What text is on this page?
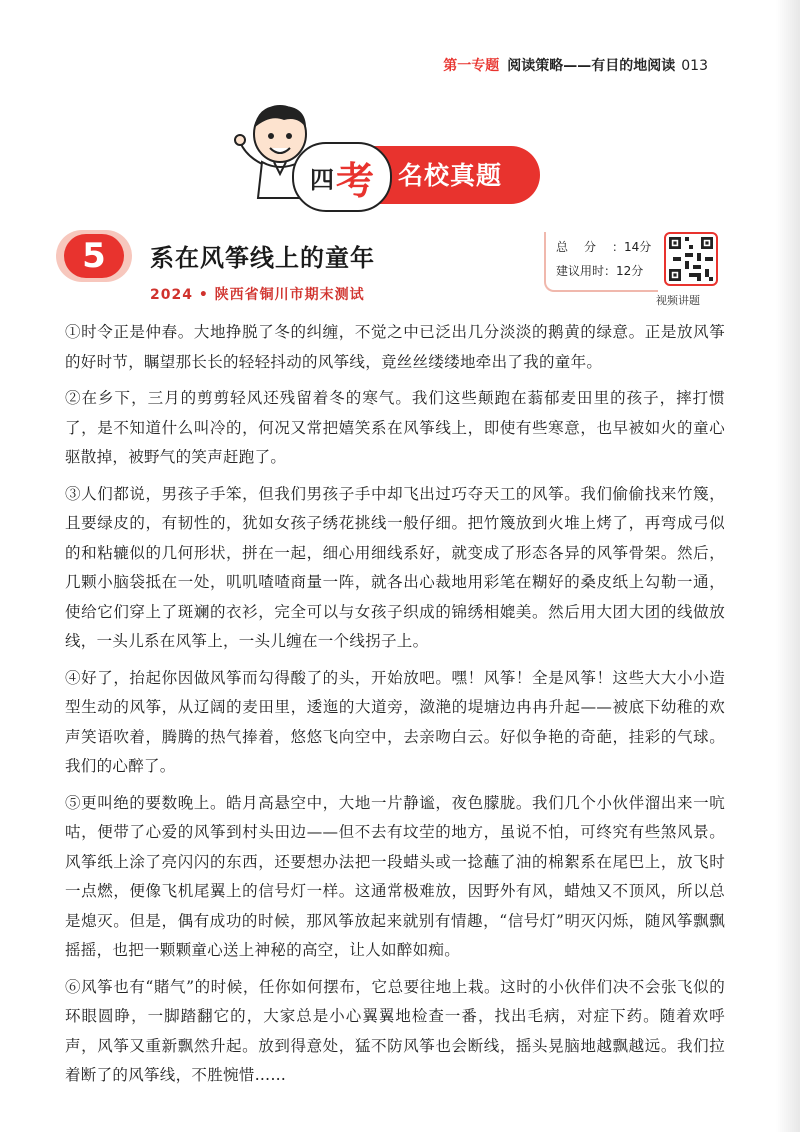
第一专题 阅读策略——有目的地阅读 013
四 考 名校真题
5	系在风筝线上的童年
2024 • 陕西省铜川市期末测试
总分：14分
建议用时：12分
视频讲题

①时令正是仲春。大地挣脱了冬的纠缠，不觉之中已泛出几分淡淡的鹅黄的绿意。正是放风筝的好时节，瞩望那长长的轻轻抖动的风筝线，竟丝丝缕缕地牵出了我的童年。

②在乡下，三月的剪剪轻风还残留着冬的寒气。我们这些颠跑在蓊郁麦田里的孩子，摔打惯了，是不知道什么叫冷的，何况又常把嬉笑系在风筝线上，即使有些寒意，也早被如火的童心驱散掉，被野气的笑声赶跑了。

③人们都说，男孩子手笨，但我们男孩子手中却飞出过巧夺天工的风筝。我们偷偷找来竹篾，且要绿皮的，有韧性的，犹如女孩子绣花挑线一般仔细。把竹篾放到火堆上烤了，再弯成弓似的和粘辘似的几何形状，拼在一起，细心用细线系好，就变成了形态各异的风筝骨架。然后，几颗小脑袋抵在一处，叽叽喳喳商量一阵，就各出心裁地用彩笔在糊好的桑皮纸上勾勒一通，使给它们穿上了斑斓的衣衫，完全可以与女孩子织成的锦绣相媲美。然后用大团大团的线做放线，一头儿系在风筝上，一头儿缠在一个线拐子上。

④好了，抬起你因做风筝而勾得酸了的头，开始放吧。嘿！风筝！全是风筝！这些大大小小造型生动的风筝，从辽阔的麦田里，逶迤的大道旁，潋滟的堤塘边冉冉升起——被底下幼稚的欢声笑语吹着，腾腾的热气捧着，悠悠飞向空中，去亲吻白云。好似争艳的奇葩，挂彩的气球。我们的心醉了。

⑤更叫绝的要数晚上。皓月高悬空中，大地一片静谧，夜色朦胧。我们几个小伙伴溜出来一吭咕，便带了心爱的风筝到村头田边——但不去有坟茔的地方，虽说不怕，可终究有些煞风景。风筝纸上涂了亮闪闪的东西，还要想办法把一段蜡头或一捻蘸了油的棉絮系在尾巴上，放飞时一点燃，便像飞机尾翼上的信号灯一样。这通常极难放，因野外有风，蜡烛又不顶风，所以总是熄灭。但是，偶有成功的时候，那风筝放起来就别有情趣，“信号灯”明灭闪烁，随风筝飘飘摇摇，也把一颗颗童心送上神秘的高空，让人如醉如痴。

⑥风筝也有“賭气”的时候，任你如何摆布，它总要往地上栽。这时的小伙伴们决不会张飞似的环眼圆睁，一脚踏翻它的，大家总是小心翼翼地检查一番，找出毛病，对症下药。随着欢呼声，风筝又重新飘然升起。放到得意处，猛不防风筝也会断线，摇头晃脑地越飘越远。我们拉着断了的风筝线，不胜惋惜……
